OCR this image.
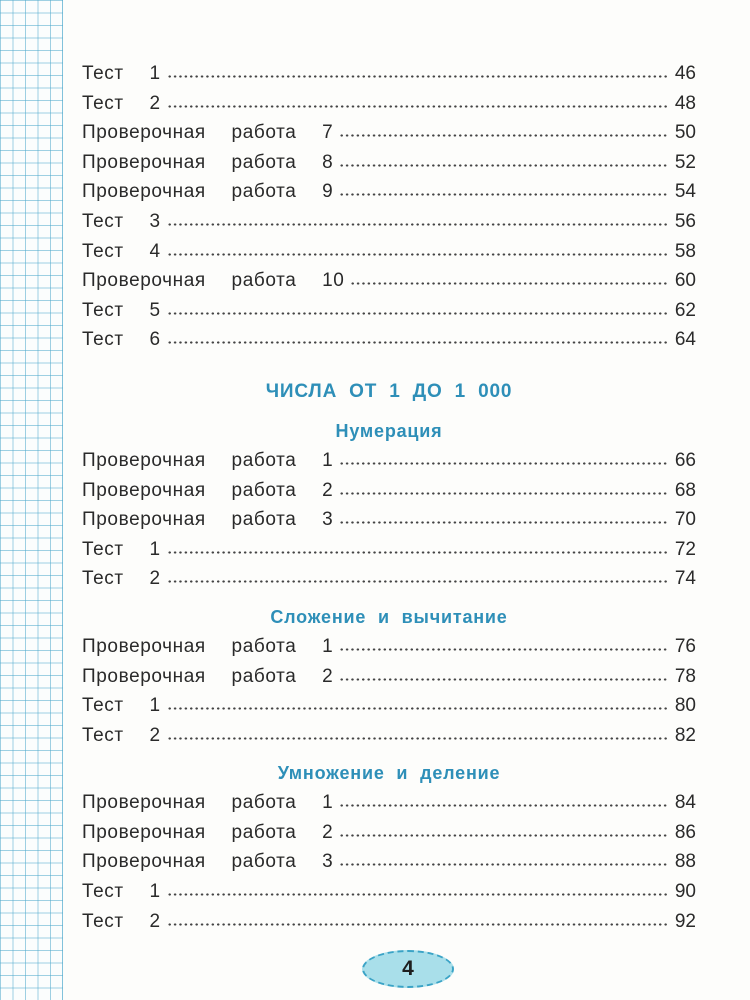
Тест  1	46
Тест  2	48
Проверочная  работа  7	50
Проверочная  работа  8	52
Проверочная  работа  9	54
Тест  3	56
Тест  4	58
Проверочная  работа  10	60
Тест  5	62
Тест  6	64
ЧИСЛА ОТ 1 ДО 1 000
Нумерация
Проверочная  работа  1	66
Проверочная  работа  2	68
Проверочная  работа  3	70
Тест  1	72
Тест  2	74
Сложение и вычитание
Проверочная  работа  1	76
Проверочная  работа  2	78
Тест  1	80
Тест  2	82
Умножение и деление
Проверочная  работа  1	84
Проверочная  работа  2	86
Проверочная  работа  3	88
Тест  1	90
Тест  2	92
4
